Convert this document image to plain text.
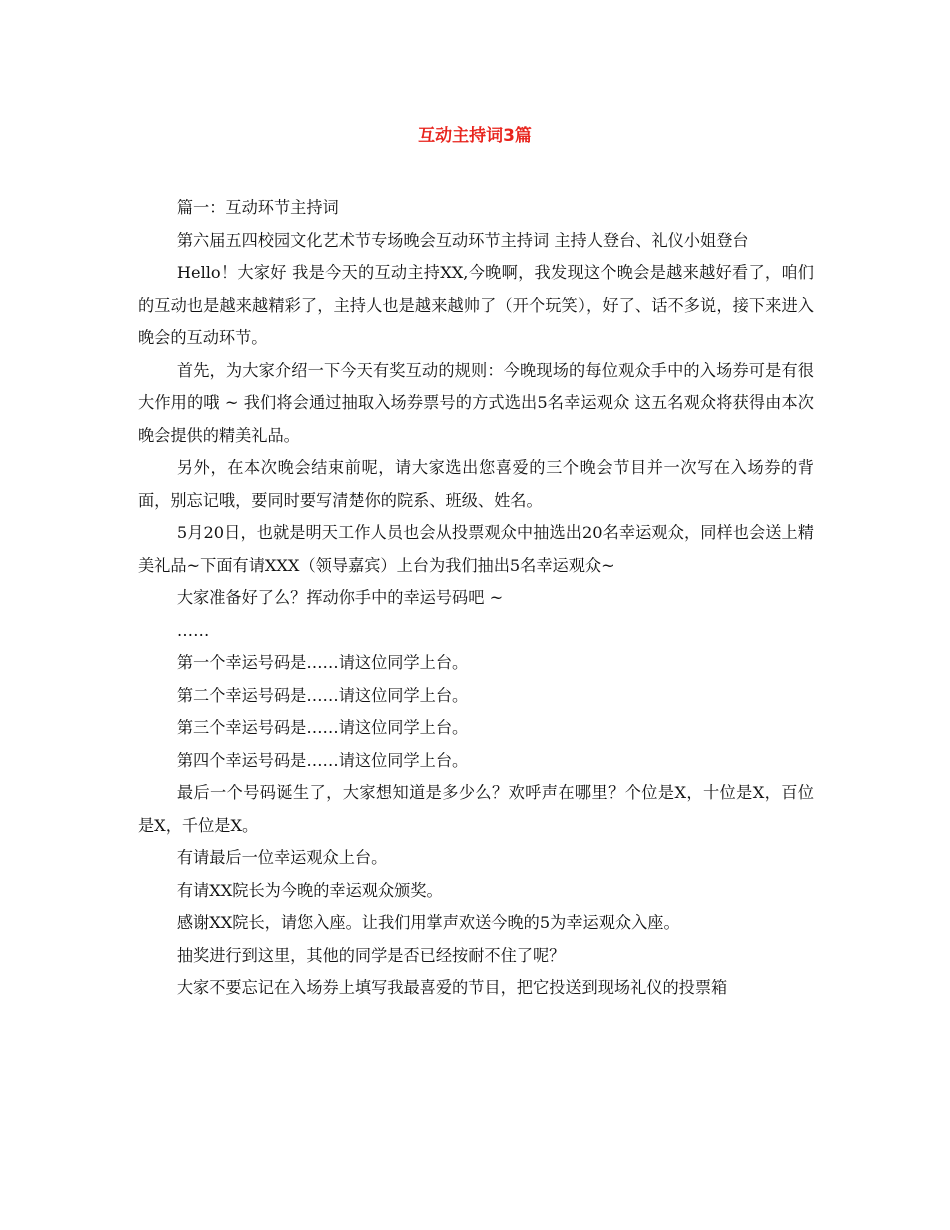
互动主持词3篇

篇一：互动环节主持词

第六届五四校园文化艺术节专场晚会互动环节主持词 主持人登台、礼仪小姐登台

Hello！大家好 我是今天的互动主持XX,今晚啊，我发现这个晚会是越来越好看了，咱们的互动也是越来越精彩了，主持人也是越来越帅了（开个玩笑），好了、话不多说，接下来进入晚会的互动环节。

首先，为大家介绍一下今天有奖互动的规则：今晚现场的每位观众手中的入场券可是有很大作用的哦 ~ 我们将会通过抽取入场券票号的方式选出5名幸运观众 这五名观众将获得由本次晚会提供的精美礼品。

另外，在本次晚会结束前呢，请大家选出您喜爱的三个晚会节目并一次写在入场券的背面，别忘记哦，要同时要写清楚你的院系、班级、姓名。

5月20日，也就是明天工作人员也会从投票观众中抽选出20名幸运观众，同样也会送上精美礼品~下面有请XXX（领导嘉宾）上台为我们抽出5名幸运观众~

大家准备好了么？挥动你手中的幸运号码吧 ~

……

第一个幸运号码是……请这位同学上台。

第二个幸运号码是……请这位同学上台。

第三个幸运号码是……请这位同学上台。

第四个幸运号码是……请这位同学上台。

最后一个号码诞生了，大家想知道是多少么？欢呼声在哪里？个位是X，十位是X，百位是X，千位是X。

有请最后一位幸运观众上台。

有请XX院长为今晚的幸运观众颁奖。

感谢XX院长，请您入座。让我们用掌声欢送今晚的5为幸运观众入座。

抽奖进行到这里，其他的同学是否已经按耐不住了呢？

大家不要忘记在入场券上填写我最喜爱的节目，把它投送到现场礼仪的投票箱
